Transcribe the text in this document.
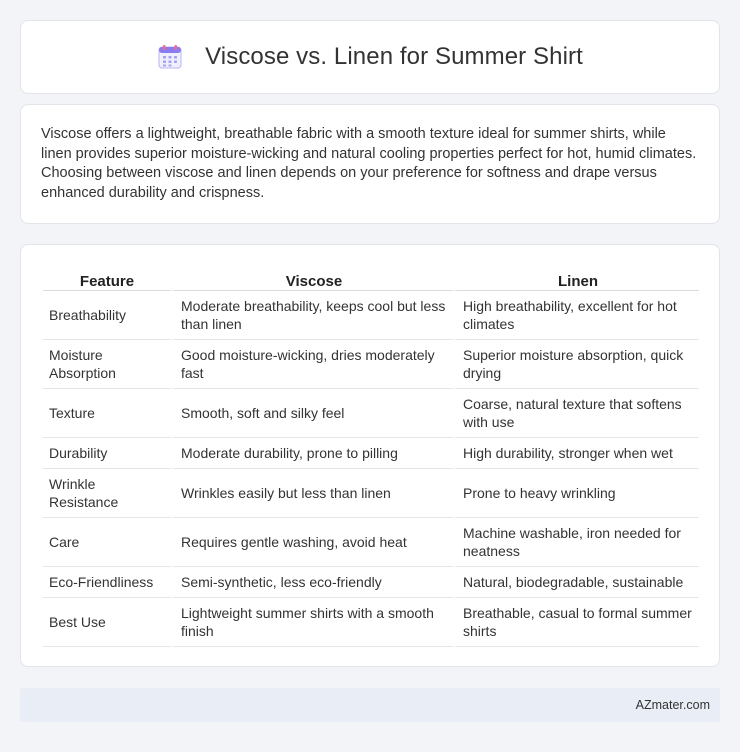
Viscose vs. Linen for Summer Shirt

Viscose offers a lightweight, breathable fabric with a smooth texture ideal for summer shirts, while linen provides superior moisture-wicking and natural cooling properties perfect for hot, humid climates. Choosing between viscose and linen depends on your preference for softness and drape versus enhanced durability and crispness.

Feature	Viscose	Linen
Breathability	Moderate breathability, keeps cool but less than linen	High breathability, excellent for hot climates
Moisture Absorption	Good moisture-wicking, dries moderately fast	Superior moisture absorption, quick drying
Texture	Smooth, soft and silky feel	Coarse, natural texture that softens with use
Durability	Moderate durability, prone to pilling	High durability, stronger when wet
Wrinkle Resistance	Wrinkles easily but less than linen	Prone to heavy wrinkling
Care	Requires gentle washing, avoid heat	Machine washable, iron needed for neatness
Eco-Friendliness	Semi-synthetic, less eco-friendly	Natural, biodegradable, sustainable
Best Use	Lightweight summer shirts with a smooth finish	Breathable, casual to formal summer shirts
AZmater.com
